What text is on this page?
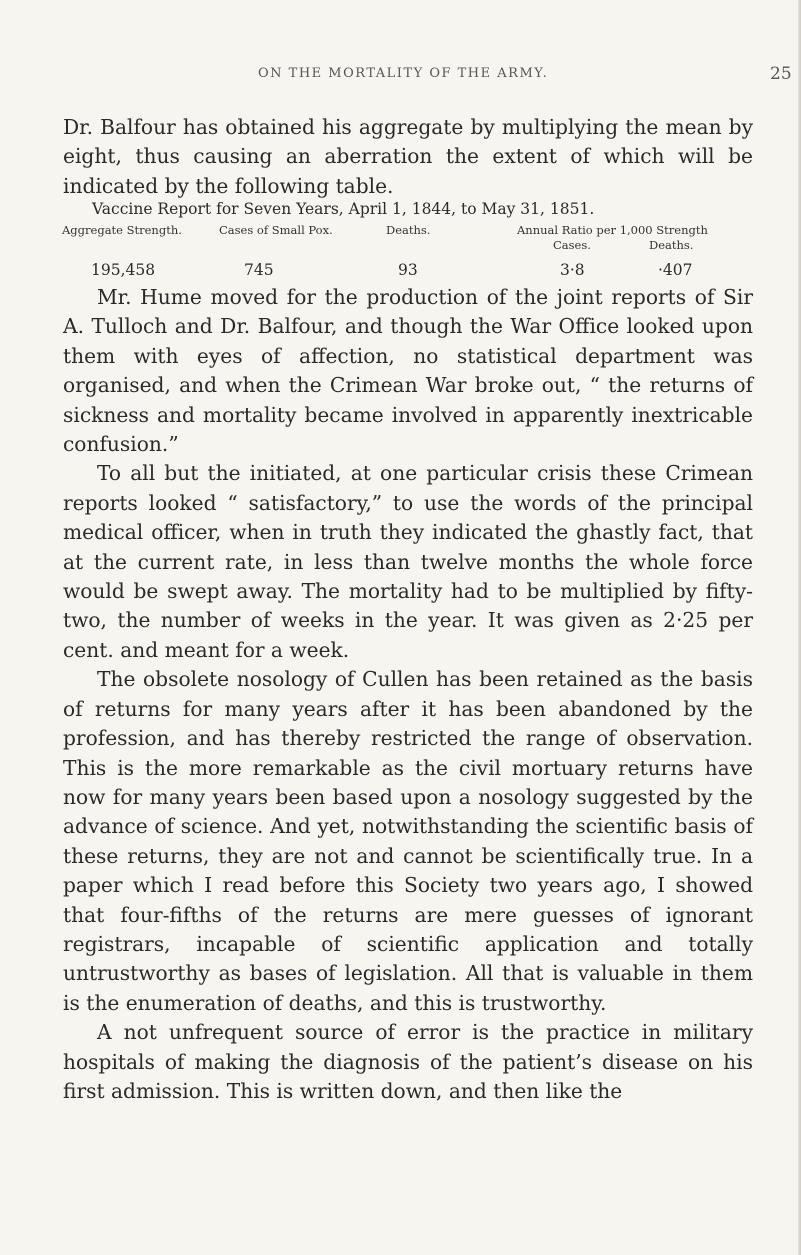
ON THE MORTALITY OF THE ARMY.	25

Dr. Balfour has obtained his aggregate by multiplying the mean by eight, thus causing an aberration the extent of which will be indicated by the following table.

Vaccine Report for Seven Years, April 1, 1844, to May 31, 1851.
Aggregate Strength.	Cases of Small Pox.	Deaths.	Annual Ratio per 1,000 Strength
Cases.	Deaths.
195,458	745	93	3·8	·407

Mr. Hume moved for the production of the joint reports of Sir A. Tulloch and Dr. Balfour, and though the War Office looked upon them with eyes of affection, no statistical department was organised, and when the Crimean War broke out, “ the returns of sickness and mortality became involved in apparently inextricable confusion.”

To all but the initiated, at one particular crisis these Crimean reports looked “ satisfactory,” to use the words of the principal medical officer, when in truth they indicated the ghastly fact, that at the current rate, in less than twelve months the whole force would be swept away. The mortality had to be multiplied by fifty-two, the number of weeks in the year. It was given as 2·25 per cent. and meant for a week.

The obsolete nosology of Cullen has been retained as the basis of returns for many years after it has been abandoned by the profession, and has thereby restricted the range of observation. This is the more remarkable as the civil mortuary returns have now for many years been based upon a nosology suggested by the advance of science. And yet, notwithstanding the scientific basis of these returns, they are not and cannot be scientifically true. In a paper which I read before this Society two years ago, I showed that four-fifths of the returns are mere guesses of ignorant registrars, incapable of scientific application and totally untrustworthy as bases of legislation. All that is valuable in them is the enumeration of deaths, and this is trustworthy.

A not unfrequent source of error is the practice in military hospitals of making the diagnosis of the patient’s disease on his first admission. This is written down, and then like the
